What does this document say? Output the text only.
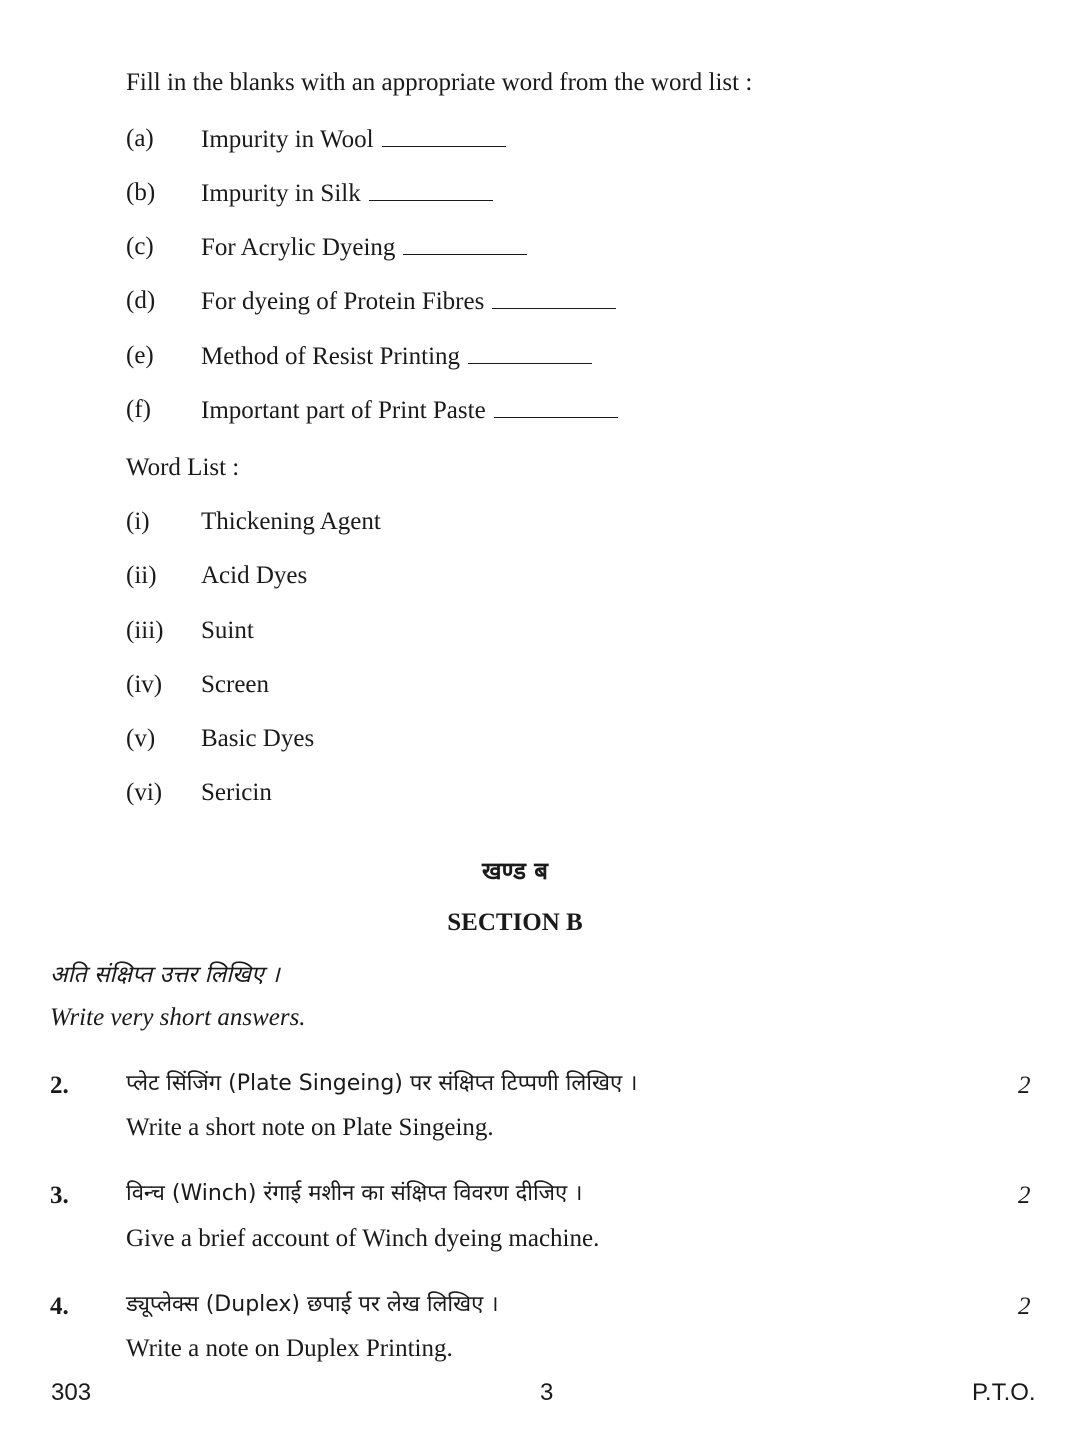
Fill in the blanks with an appropriate word from the word list :
(a) Impurity in Wool
(b) Impurity in Silk
(c) For Acrylic Dyeing
(d) For dyeing of Protein Fibres
(e) Method of Resist Printing
(f) Important part of Print Paste
Word List :
(i) Thickening Agent
(ii) Acid Dyes
(iii) Suint
(iv) Screen
(v) Basic Dyes
(vi) Sericin
खण्ड ब
SECTION B
अति संक्षिप्त उत्तर लिखिए ।
Write very short answers.
2.	प्लेट सिंजिंग (Plate Singeing) पर संक्षिप्त टिप्पणी लिखिए ।	2
Write a short note on Plate Singeing.
3.	विन्च (Winch) रंगाई मशीन का संक्षिप्त विवरण दीजिए ।	2
Give a brief account of Winch dyeing machine.
4.	ड्यूप्लेक्स (Duplex) छपाई पर लेख लिखिए ।	2
Write a note on Duplex Printing.
303	3	P.T.O.
